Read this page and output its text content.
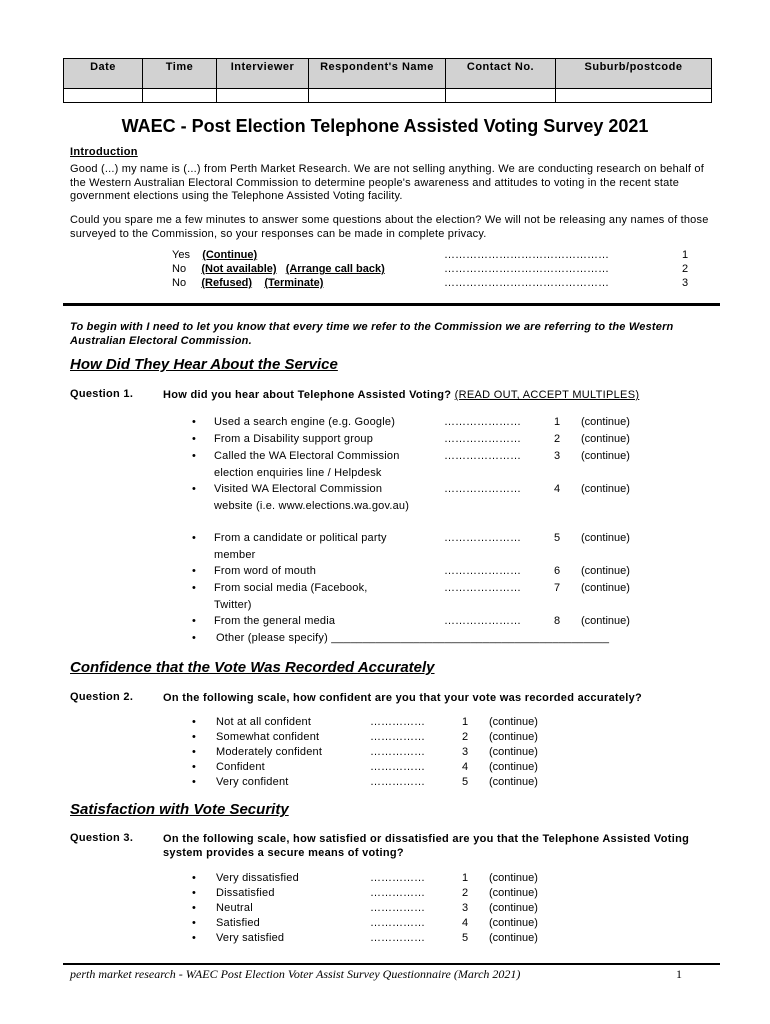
Date	Time	Interviewer	Respondent's Name	Contact No.	Suburb/postcode

WAEC - Post Election Telephone Assisted Voting Survey 2021
Introduction
Good (...) my name is (...) from Perth Market Research. We are not selling anything. We are conducting research on behalf of the Western Australian Electoral Commission to determine people's awareness and attitudes to voting in the recent state government elections using the Telephone Assisted Voting facility.
Could you spare me a few minutes to answer some questions about the election? We will not be releasing any names of those surveyed to the Commission, so your responses can be made in complete privacy.
Yes (Continue)	………………………………………	1
No (Not available) (Arrange call back)	………………………………………	2
No (Refused) (Terminate)	………………………………………	3
To begin with I need to let you know that every time we refer to the Commission we are referring to the Western Australian Electoral Commission.
How Did They Hear About the Service
Question 1.	How did you hear about Telephone Assisted Voting? (READ OUT, ACCEPT MULTIPLES)
• Used a search engine (e.g. Google)	…………………	1 (continue)
• From a Disability support group	…………………	2 (continue)
• Called the WA Electoral Commission election enquiries line / Helpdesk
…………………	3 (continue)
• Visited WA Electoral Commission website (i.e. www.elections.wa.gov.au)
…………………	4 (continue)
• From a candidate or political party member
…………………	5 (continue)
• From word of mouth	…………………	6 (continue)
• From social media (Facebook, Twitter)
…………………	7 (continue)
• From the general media	…………………	8 (continue)
• Other (please specify) ____________________________________________
Confidence that the Vote Was Recorded Accurately
Question 2.	On the following scale, how confident are you that your vote was recorded accurately?
• Not at all confident	……………	1 (continue)
• Somewhat confident	……………	2 (continue)
• Moderately confident	……………	3 (continue)
• Confident	……………	4 (continue)
• Very confident	……………	5 (continue)
Satisfaction with Vote Security
Question 3.	On the following scale, how satisfied or dissatisfied are you that the Telephone Assisted Voting system provides a secure means of voting?
• Very dissatisfied	……………	1 (continue)
• Dissatisfied	……………	2 (continue)
• Neutral	……………	3 (continue)
• Satisfied	……………	4 (continue)
• Very satisfied	……………	5 (continue)
perth market research - WAEC Post Election Voter Assist Survey Questionnaire (March 2021)	1
